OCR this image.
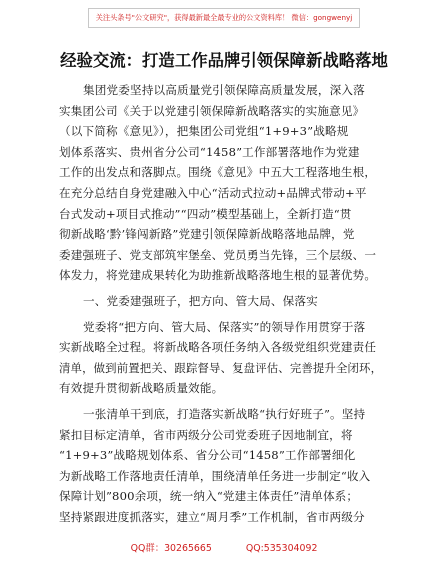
关注头条号"公文研究"，获得最新最全最专业的公文资料库！ 微信：gongwenyj
经验交流：打造工作品牌引领保障新战略落地
集团党委坚持以高质量党引领保障高质量发展，深入落
实集团公司《关于以党建引领保障新战略落实的实施意见》
（以下简称《意见》），把集团公司党组“1+9+3”战略规
划体系落实、贵州省分公司“1458”工作部署落地作为党建
工作的出发点和落脚点。围绕《意见》中五大工程落地生根，
在充分总结自身党建融入中心“活动式拉动+品牌式带动+平
台式发动+项目式推动”“四动”模型基础上，全新打造“贯
彻新战略‘黔’锋闯新路”党建引领保障新战略落地品牌，党
委建强班子、党支部筑牢堡垒、党员勇当先锋，三个层级、一
体发力，将党建成果转化为助推新战略落地生根的显著优势。
一、党委建强班子，把方向、管大局、保落实
党委将“把方向、管大局、保落实”的领导作用贯穿于落
实新战略全过程。将新战略各项任务纳入各级党组织党建责任
清单，做到前置把关、跟踪督导、复盘评估、完善提升全闭环，
有效提升贯彻新战略质量效能。
一张清单干到底，打造落实新战略“执行好班子”。坚持
紧扣目标定清单，省市两级分公司党委班子因地制宜，将
“1+9+3”战略规划体系、省分公司“1458”工作部署细化
为新战略工作落地责任清单，围绕清单任务进一步制定“收入
保障计划”800余项，统一纳入“党建主体责任”清单体系；
坚持紧跟进度抓落实，建立“周月季”工作机制，省市两级分
QQ群：30265665	QQ:535304092
